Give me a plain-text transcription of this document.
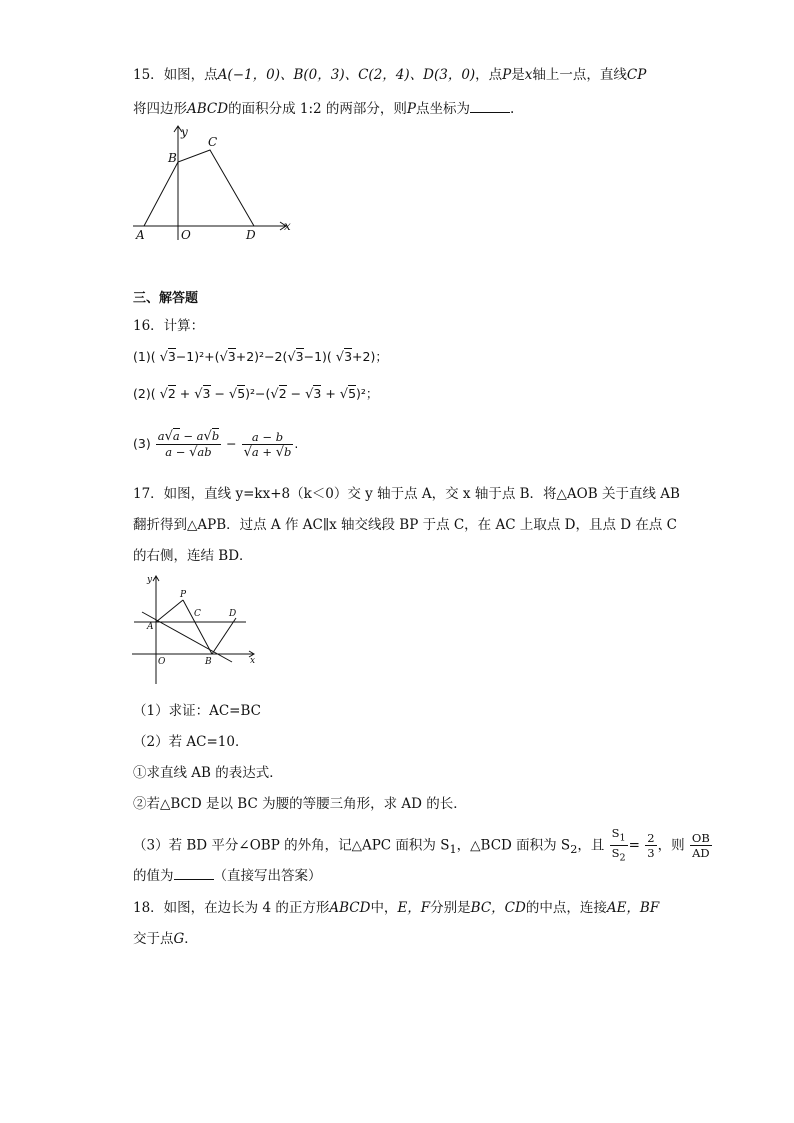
15．如图，点A(−1，0)、B(0，3)、C(2，4)、D(3，0)，点P是x轴上一点，直线CP
将四边形ABCD的面积分成 1:2 的两部分，则P点坐标为	.
y
x
B
C
A	O	D
三、解答题
16．计算：
(1)( √3−1)²+(√3+2)²−2(√3−1)( √3+2)；
(2)( √2 + √3 − √5)²−(√2 − √3 + √5)²；
$(3) \frac{a√a - a√b}{a - √ab} - \frac{a - b}{√a + √b}$ .
17．如图，直线 y=kx+8（k＜0）交 y 轴于点 A，交 x 轴于点 B．将△AOB 关于直线 AB
翻折得到△APB．过点 A 作 AC∥x 轴交线段 BP 于点 C，在 AC 上取点 D，且点 D 在点 C
的右侧，连结 BD．
y
x
P
C	D
A
O	B
（1）求证：AC=BC
（2）若 AC=10．
①求直线 AB 的表达式．
②若△BCD 是以 BC 为腰的等腰三角形，求 AD 的长．
（3）若 BD 平分∠OBP 的外角，记△APC 面积为 $S_1$，△BCD 面积为 $S_2$，且 $\frac{S_1}{S_2} = \frac{2}{3}$ ，则 $\frac{OB}{AD}$
的值为	（直接写出答案）
18．如图，在边长为 4 的正方形ABCD中，E，F分别是BC，CD的中点，连接AE，BF
交于点G．
